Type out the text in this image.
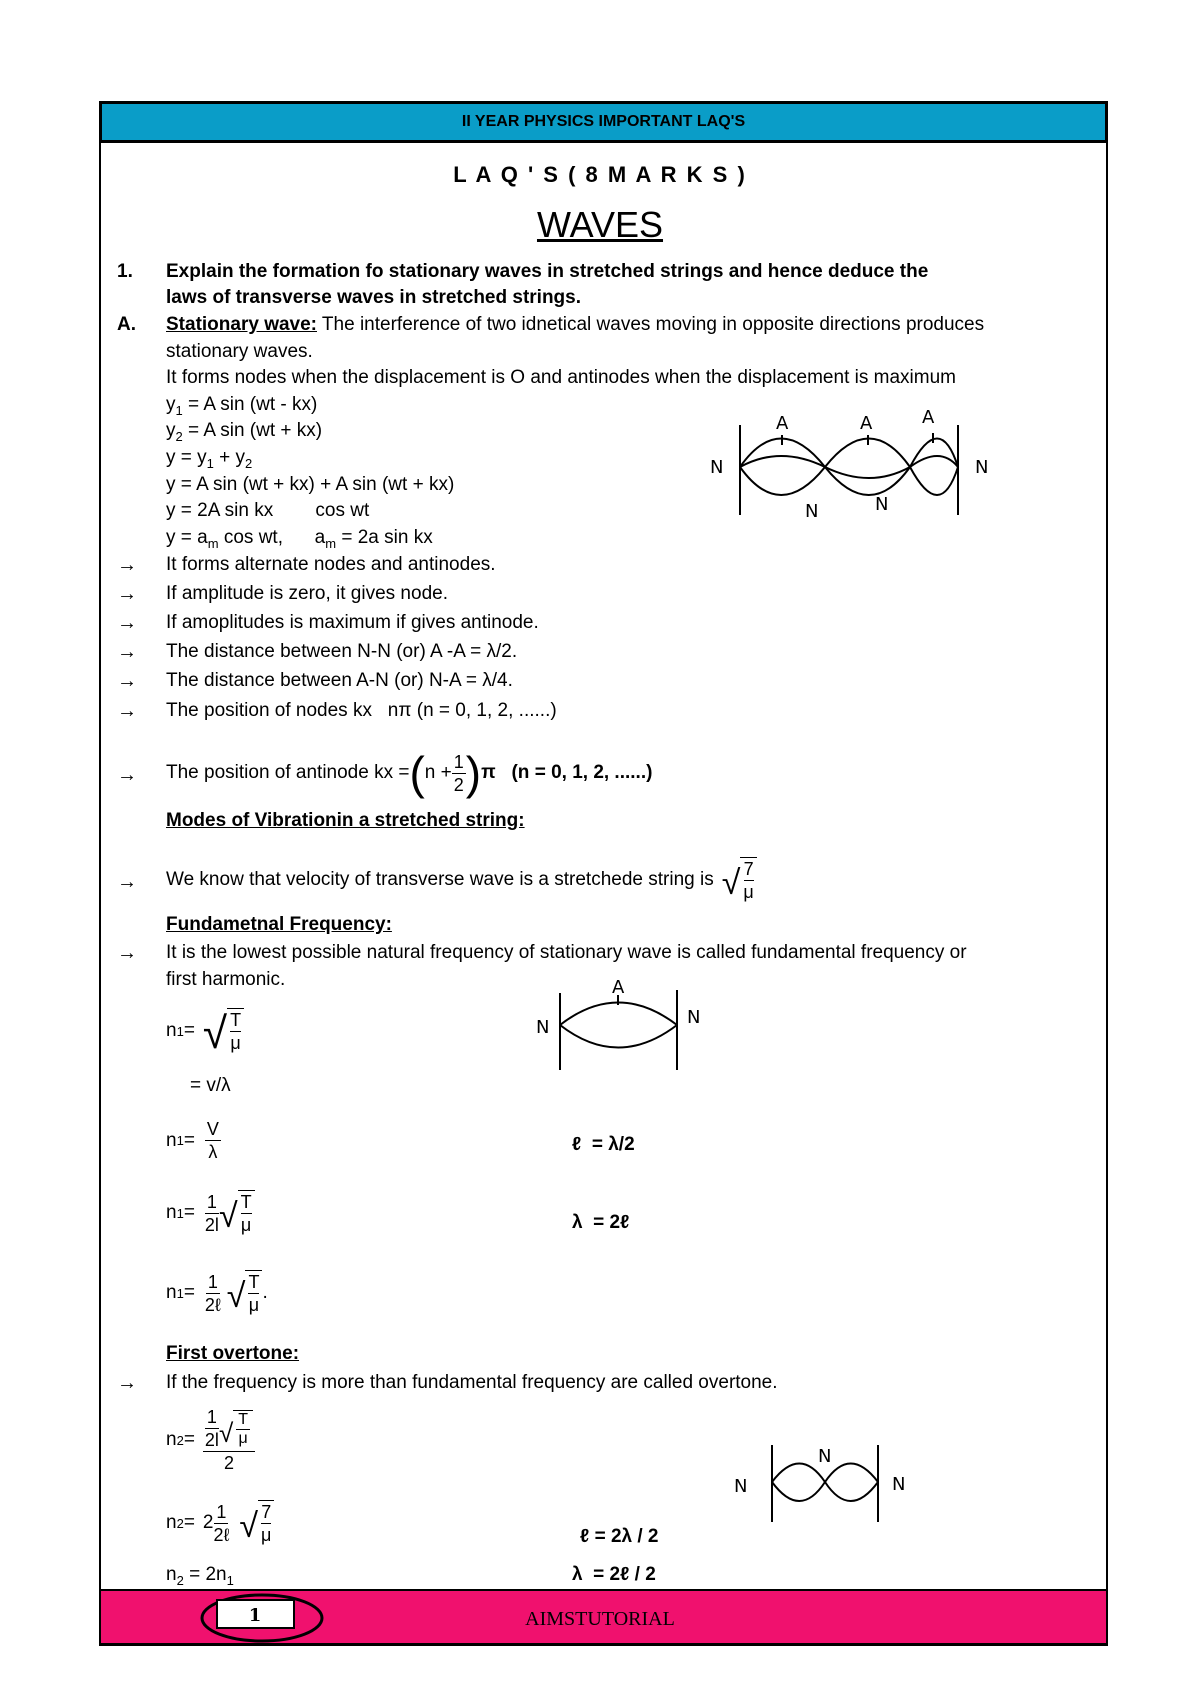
II YEAR PHYSICS IMPORTANT LAQ'S
L A Q ' S ( 8 M A R K S )
WAVES
1. Explain the formation fo stationary waves in stretched strings and hence deduce the
laws of transverse waves in stretched strings.
A. Stationary wave: The interference of two idnetical waves moving in opposite directions produces
stationary waves.
It forms nodes when the displacement is O and antinodes when the displacement is maximum
$y_1 = A$ sin (wt - kx)
$y_2 = A$ sin (wt + kx)
$y = y_1 + y_2$
y = A sin (wt + kx) + A sin (wt + kx)
y = 2A sin kx        cos wt
$y = a_m$ cos wt,      $a_m = 2a$ sin kx
A	A	A
N	N
N	N
→ It forms alternate nodes and antinodes.
→ If amplitude is zero, it gives node.
→ If amoplitudes is maximum if gives antinode.
→ The distance between N-N (or) A -A = λ/2.
→ The distance between A-N (or) N-A = λ/4.
→ The position of nodes kx   nπ (n = 0, 1, 2, ......)
→ The position of antinode kx = ( $n + \frac{1}{2}$ ) π   (n = 0, 1, 2, ......)
Modes of Vibrationin a stretched string:
→ We know that velocity of transverse wave is a stretchede string is √ 7
μ
Fundametnal Frequency:
→ It is the lowest possible natural frequency of stationary wave is called fundamental frequency or
first harmonic.	A
N	N
n 1 = √ T
μ
= v/λ
n $1 = \frac{V}{\lambda}$	ℓ  = λ/2
n $1 = \frac{1}{2l}$ √ T
μ	λ  = 2ℓ
n $1 = \frac{1}{\text{2ℓ}}$ √ T
μ
.
First overtone:
→ If the frequency is more than fundamental frequency are called overtone.
N
N
N
n $2 = \frac{1}{2l}$ √ T
μ
2
n $2 = 2 \frac{1}{\text{2ℓ}}$ √ 7
μ	ℓ = 2λ / 2
$n_2 = 2n_1$	λ  = 2ℓ / 2
1	AIMSTUTORIAL
